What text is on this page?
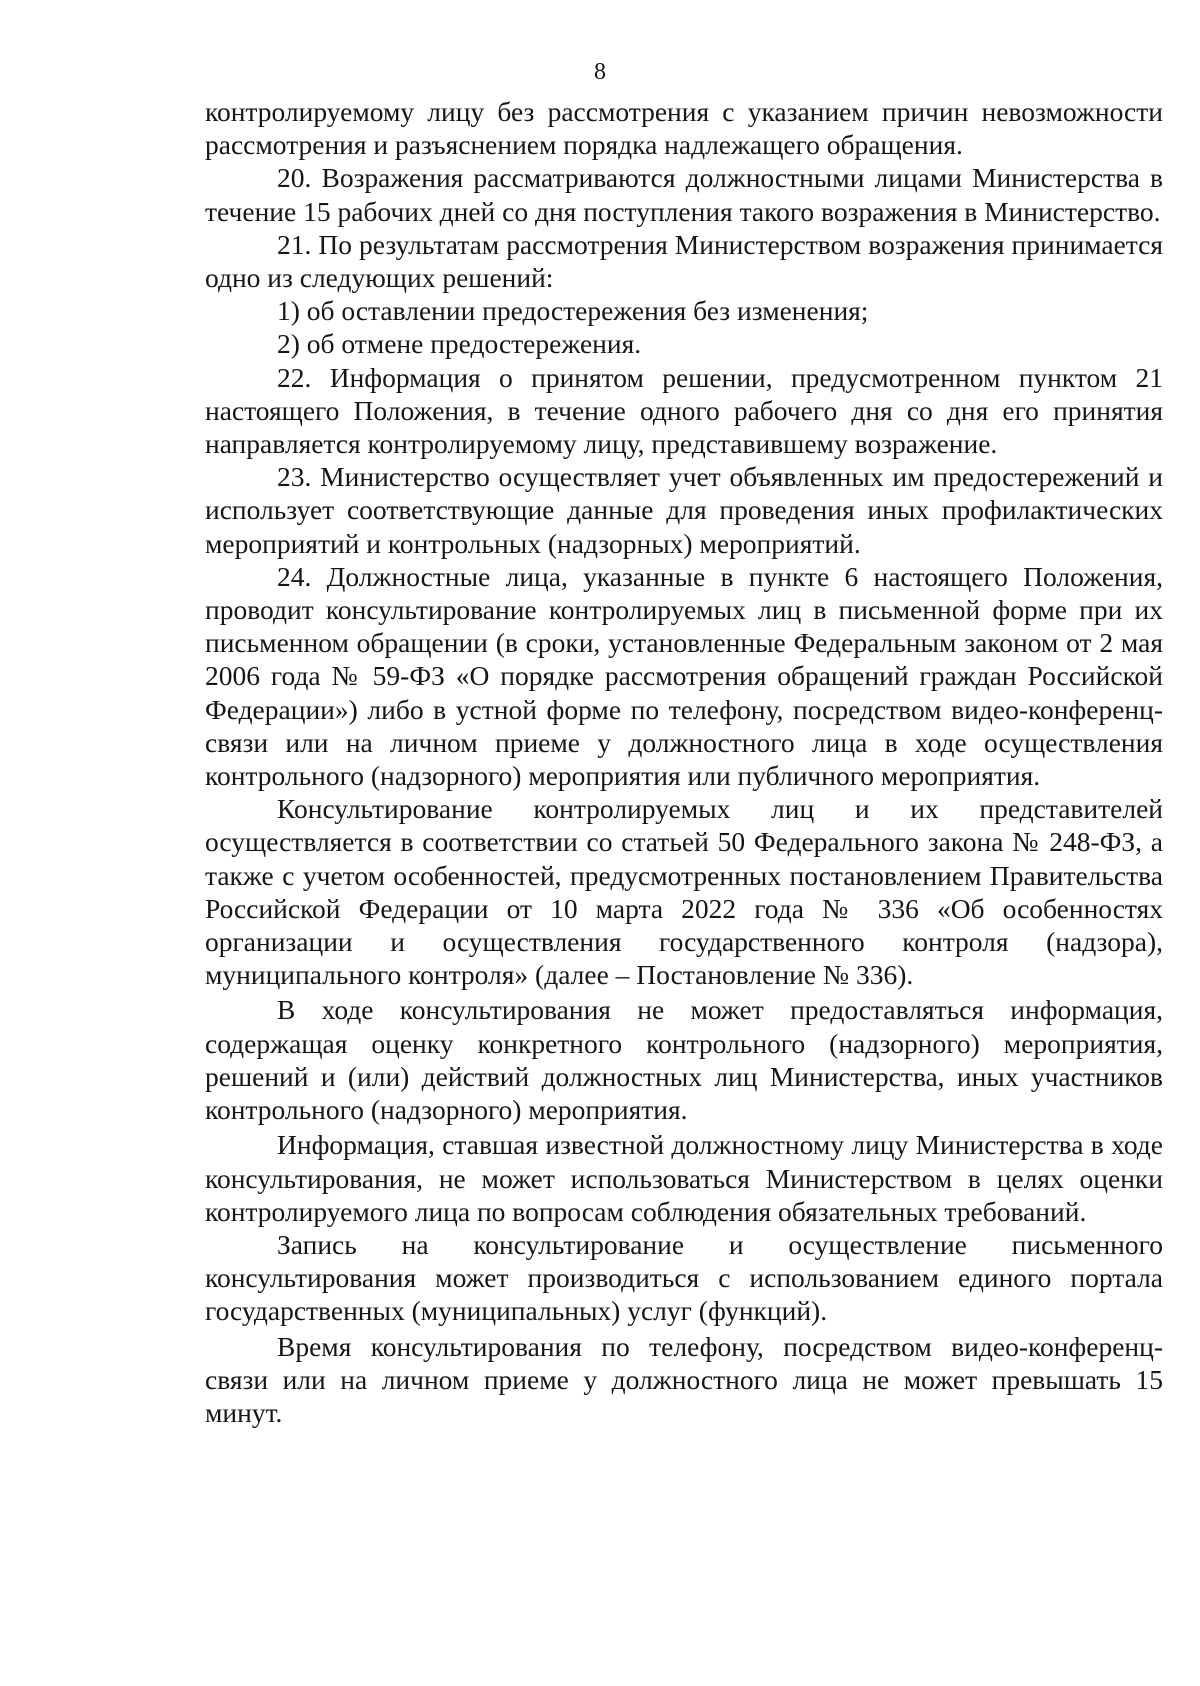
8

контролируемому лицу без рассмотрения с указанием причин невозможности рассмотрения и разъяснением порядка надлежащего обращения.

20. Возражения рассматриваются должностными лицами Министерства в течение 15 рабочих дней со дня поступления такого возражения в Министерство.

21. По результатам рассмотрения Министерством возражения принимается одно из следующих решений:

1) об оставлении предостережения без изменения;

2) об отмене предостережения.

22. Информация о принятом решении, предусмотренном пунктом 21 настоящего Положения, в течение одного рабочего дня со дня его принятия направляется контролируемому лицу, представившему возражение.

23. Министерство осуществляет учет объявленных им предостережений и использует соответствующие данные для проведения иных профилактических мероприятий и контрольных (надзорных) мероприятий.

24. Должностные лица, указанные в пункте 6 настоящего Положения, проводит консультирование контролируемых лиц в письменной форме при их письменном обращении (в сроки, установленные Федеральным законом от 2 мая 2006 года № 59-ФЗ «О порядке рассмотрения обращений граждан Российской Федерации») либо в устной форме по телефону, посредством видео-конференц-связи или на личном приеме у должностного лица в ходе осуществления контрольного (надзорного) мероприятия или публичного мероприятия.

Консультирование контролируемых лиц и их представителей осуществляется в соответствии со статьей 50 Федерального закона № 248-ФЗ, а также с учетом особенностей, предусмотренных постановлением Правительства Российской Федерации от 10 марта 2022 года № 336 «Об особенностях организации и осуществления государственного контроля (надзора), муниципального контроля» (далее – Постановление № 336).

В ходе консультирования не может предоставляться информация, содержащая оценку конкретного контрольного (надзорного) мероприятия, решений и (или) действий должностных лиц Министерства, иных участников контрольного (надзорного) мероприятия.

Информация, ставшая известной должностному лицу Министерства в ходе консультирования, не может использоваться Министерством в целях оценки контролируемого лица по вопросам соблюдения обязательных требований.

Запись на консультирование и осуществление письменного консультирования может производиться с использованием единого портала государственных (муниципальных) услуг (функций).

Время консультирования по телефону, посредством видео-конференц-связи или на личном приеме у должностного лица не может превышать 15 минут.
